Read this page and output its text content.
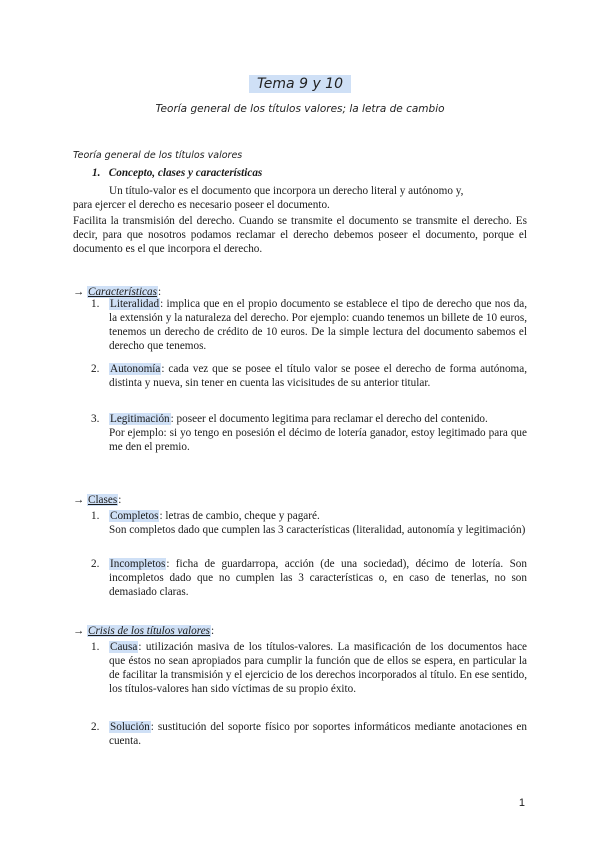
Tema 9 y 10
Teoría general de los títulos valores; la letra de cambio
Teoría general de los títulos valores
1. Concepto, clases y características
Un título-valor es el documento que incorpora un derecho literal y autónomo y,
para ejercer el derecho es necesario poseer el documento.

Facilita la transmisión del derecho. Cuando se transmite el documento se transmite el derecho. Es decir, para que nosotros podamos reclamar el derecho debemos poseer el documento, porque el documento es el que incorpora el derecho.

→ Características:
1. Literalidad: implica que en el propio documento se establece el tipo de derecho que nos da, la extensión y la naturaleza del derecho. Por ejemplo: cuando tenemos un billete de 10 euros, tenemos un derecho de crédito de 10 euros. De la simple lectura del documento sabemos el derecho que tenemos.

2. Autonomía: cada vez que se posee el título valor se posee el derecho de forma autónoma, distinta y nueva, sin tener en cuenta las vicisitudes de su anterior titular.

3. Legitimación: poseer el documento legitima para reclamar el derecho del contenido.

Por ejemplo: si yo tengo en posesión el décimo de lotería ganador, estoy legitimado para que me den el premio.

→ Clases:
1. Completos: letras de cambio, cheque y pagaré.

Son completos dado que cumplen las 3 características (literalidad, autonomía y legitimación)

2. Incompletos: ficha de guardarropa, acción (de una sociedad), décimo de lotería. Son incompletos dado que no cumplen las 3 características o, en caso de tenerlas, no son demasiado claras.

→ Crisis de los títulos valores:
1. Causa: utilización masiva de los títulos-valores. La masificación de los documentos hace que éstos no sean apropiados para cumplir la función que de ellos se espera, en particular la de facilitar la transmisión y el ejercicio de los derechos incorporados al título. En ese sentido, los títulos-valores han sido víctimas de su propio éxito.

2. Solución: sustitución del soporte físico por soportes informáticos mediante anotaciones en cuenta.

1
